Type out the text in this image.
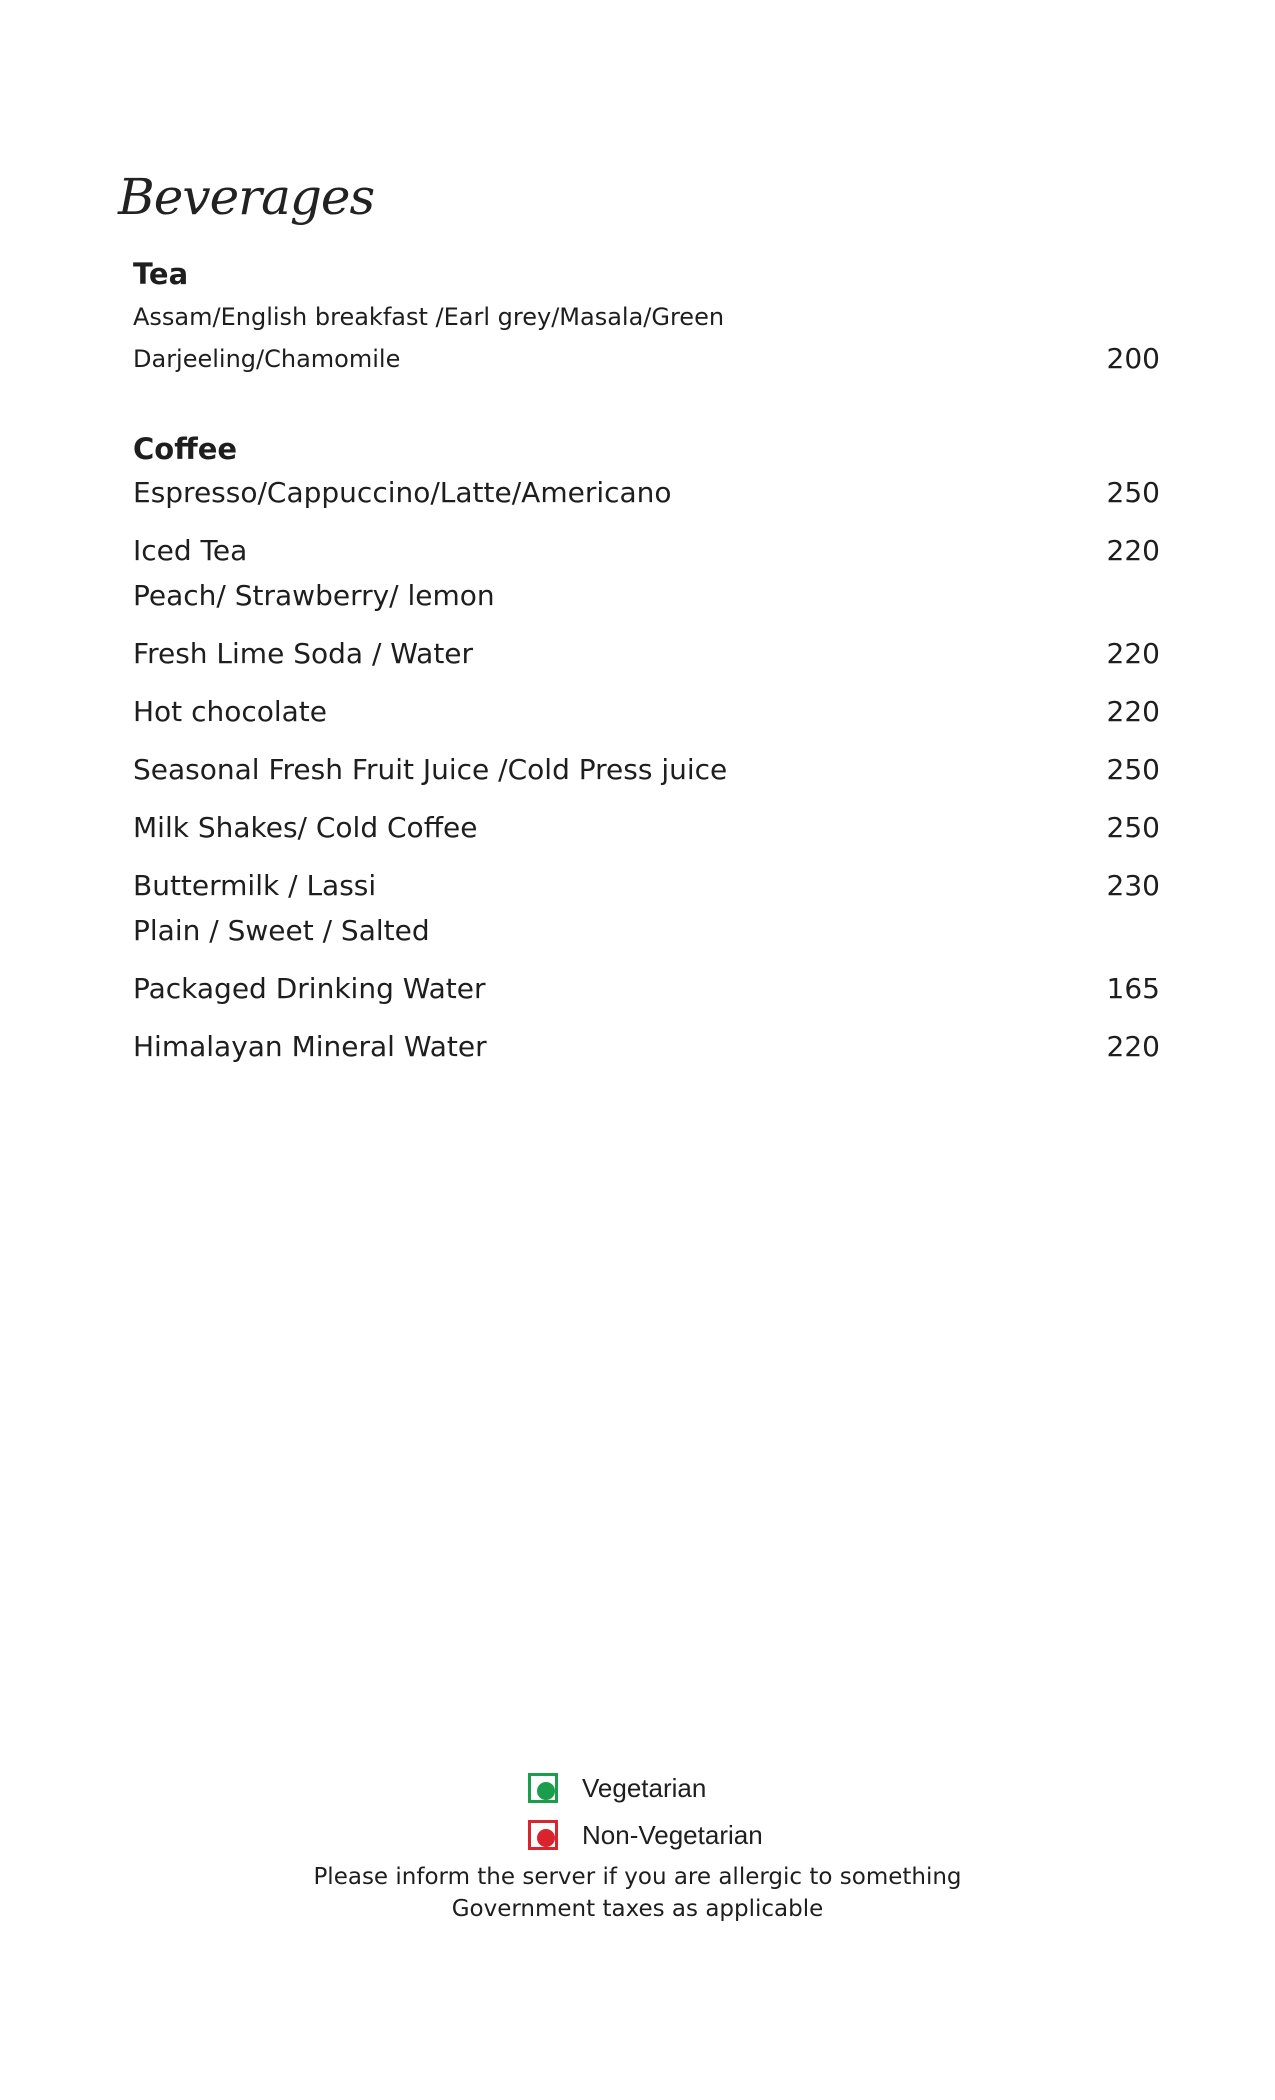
Beverages
Tea
Assam/English breakfast /Earl grey/Masala/Green
Darjeeling/Chamomile	200
Coffee
Espresso/Cappuccino/Latte/Americano	250
Iced Tea	220
Peach/ Strawberry/ lemon
Fresh Lime Soda / Water	220
Hot chocolate	220
Seasonal Fresh Fruit Juice /Cold Press juice	250
Milk Shakes/ Cold Coffee	250
Buttermilk / Lassi	230
Plain / Sweet / Salted
Packaged Drinking Water	165
Himalayan Mineral Water	220
Vegetarian
Non-Vegetarian
Please inform the server if you are allergic to something
Government taxes as applicable
